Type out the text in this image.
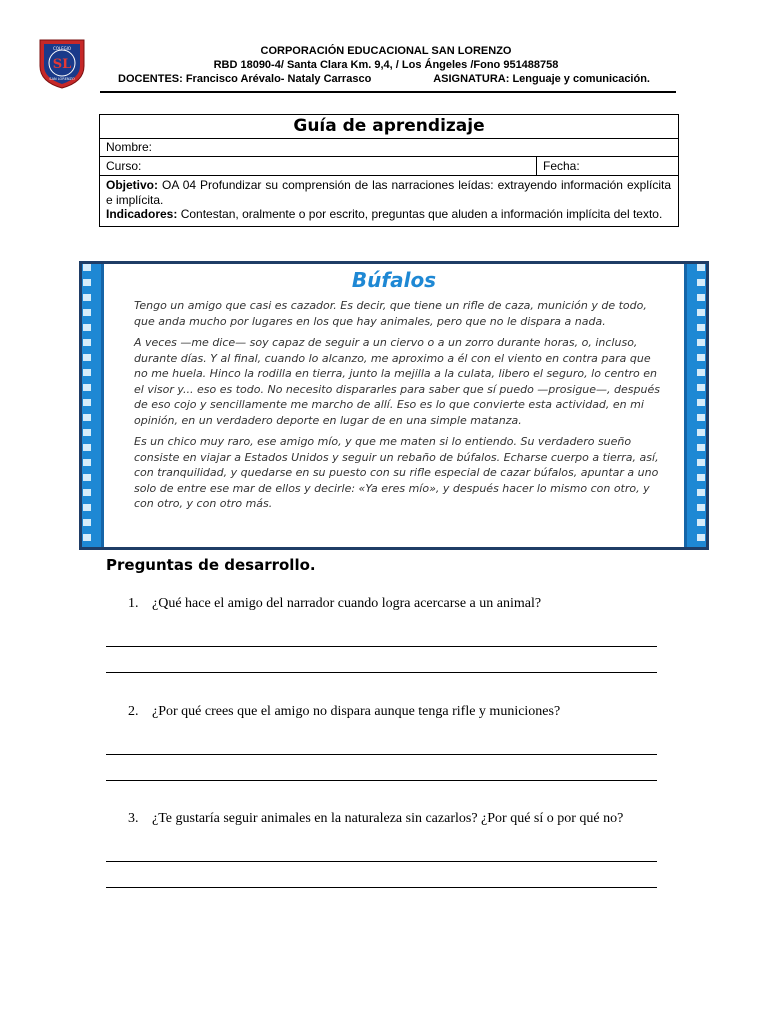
COLEGIO
SL
SAN LORENZO
CORPORACIÓN EDUCACIONAL SAN LORENZO
RBD 18090-4/ Santa Clara Km. 9,4, / Los Ángeles /Fono 951488758
DOCENTES: Francisco Arévalo- Nataly Carrasco	ASIGNATURA: Lenguaje y comunicación.
Guía de aprendizaje
Nombre:
Curso:	Fecha:
Objetivo: OA 04 Profundizar su comprensión de las narraciones leídas: extrayendo información explícita e implícita.
Indicadores: Contestan, oralmente o por escrito, preguntas que aluden a información implícita del texto.
Búfalos

Tengo un amigo que casi es cazador. Es decir, que tiene un rifle de caza, munición y de todo, que anda mucho por lugares en los que hay animales, pero que no le dispara a nada.

A veces —me dice— soy capaz de seguir a un ciervo o a un zorro durante horas, o, incluso, durante días. Y al final, cuando lo alcanzo, me aproximo a él con el viento en contra para que no me huela. Hinco la rodilla en tierra, junto la mejilla a la culata, libero el seguro, lo centro en el visor y... eso es todo. No necesito dispararles para saber que sí puedo —prosigue—, después de eso cojo y sencillamente me marcho de allí. Eso es lo que convierte esta actividad, en mi opinión, en un verdadero deporte en lugar de en una simple matanza.

Es un chico muy raro, ese amigo mío, y que me maten si lo entiendo. Su verdadero sueño consiste en viajar a Estados Unidos y seguir un rebaño de búfalos. Echarse cuerpo a tierra, así, con tranquilidad, y quedarse en su puesto con su rifle especial de cazar búfalos, apuntar a uno solo de entre ese mar de ellos y decirle: «Ya eres mío», y después hacer lo mismo con otro, y con otro, y con otro más.

Preguntas de desarrollo.
1. ¿Qué hace el amigo del narrador cuando logra acercarse a un animal?
2. ¿Por qué crees que el amigo no dispara aunque tenga rifle y municiones?
3. ¿Te gustaría seguir animales en la naturaleza sin cazarlos? ¿Por qué sí o por qué no?
